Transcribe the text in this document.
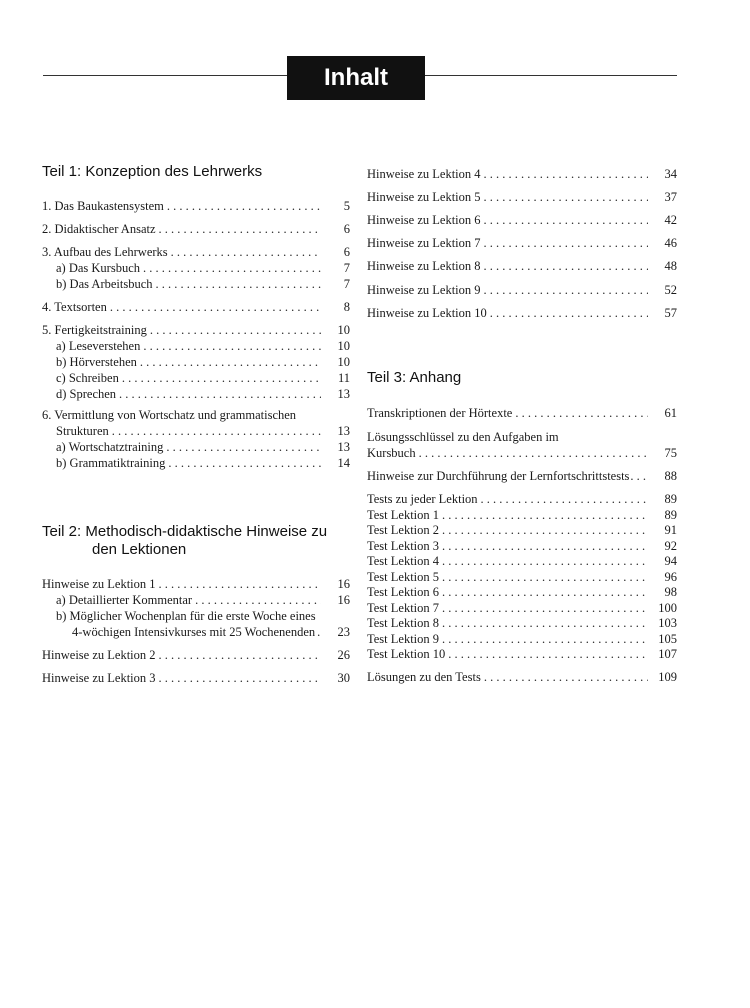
Inhalt
Teil 1: Konzeption des Lehrwerks
1. Das Baukastensystem . . .	5
2. Didaktischer Ansatz . . .	6
3. Aufbau des Lehrwerks . . .	6
a) Das Kursbuch . . .	7
b) Das Arbeitsbuch . . .	7
4. Textsorten . . .	8
5. Fertigkeitstraining . . .	10
a) Leseverstehen . . .	10
b) Hörverstehen . . .	10
c) Schreiben . . .	11
d) Sprechen . . .	13
6. Vermittlung von Wortschatz und grammatischen
Strukturen . . .	13
a) Wortschatztraining . . .	13
b) Grammatiktraining . . .	14
Teil 2: Methodisch-didaktische Hinweise zu
den Lektionen
Hinweise zu Lektion 1 . . .	16
a) Detaillierter Kommentar . . .	16
b) Möglicher Wochenplan für die erste Woche eines
4-wöchigen Intensivkurses mit 25 Wochenenden . . .	23
Hinweise zu Lektion 2 . . .	26
Hinweise zu Lektion 3 . . .	30
Hinweise zu Lektion 4 . . .	34
Hinweise zu Lektion 5 . . .	37
Hinweise zu Lektion 6 . . .	42
Hinweise zu Lektion 7 . . .	46
Hinweise zu Lektion 8 . . .	48
Hinweise zu Lektion 9 . . .	52
Hinweise zu Lektion 10 . . .	57
Teil 3: Anhang
Transkriptionen der Hörtexte . . .	61
Lösungsschlüssel zu den Aufgaben im
Kursbuch . . .	75
Hinweise zur Durchführung der Lernfortschrittstests . . .	88
Tests zu jeder Lektion . . .	89
Test Lektion 1 . . .	89
Test Lektion 2 . . .	91
Test Lektion 3 . . .	92
Test Lektion 4 . . .	94
Test Lektion 5 . . .	96
Test Lektion 6 . . .	98
Test Lektion 7 . . .	100
Test Lektion 8 . . .	103
Test Lektion 9 . . .	105
Test Lektion 10 . . .	107
Lösungen zu den Tests . . .	109
